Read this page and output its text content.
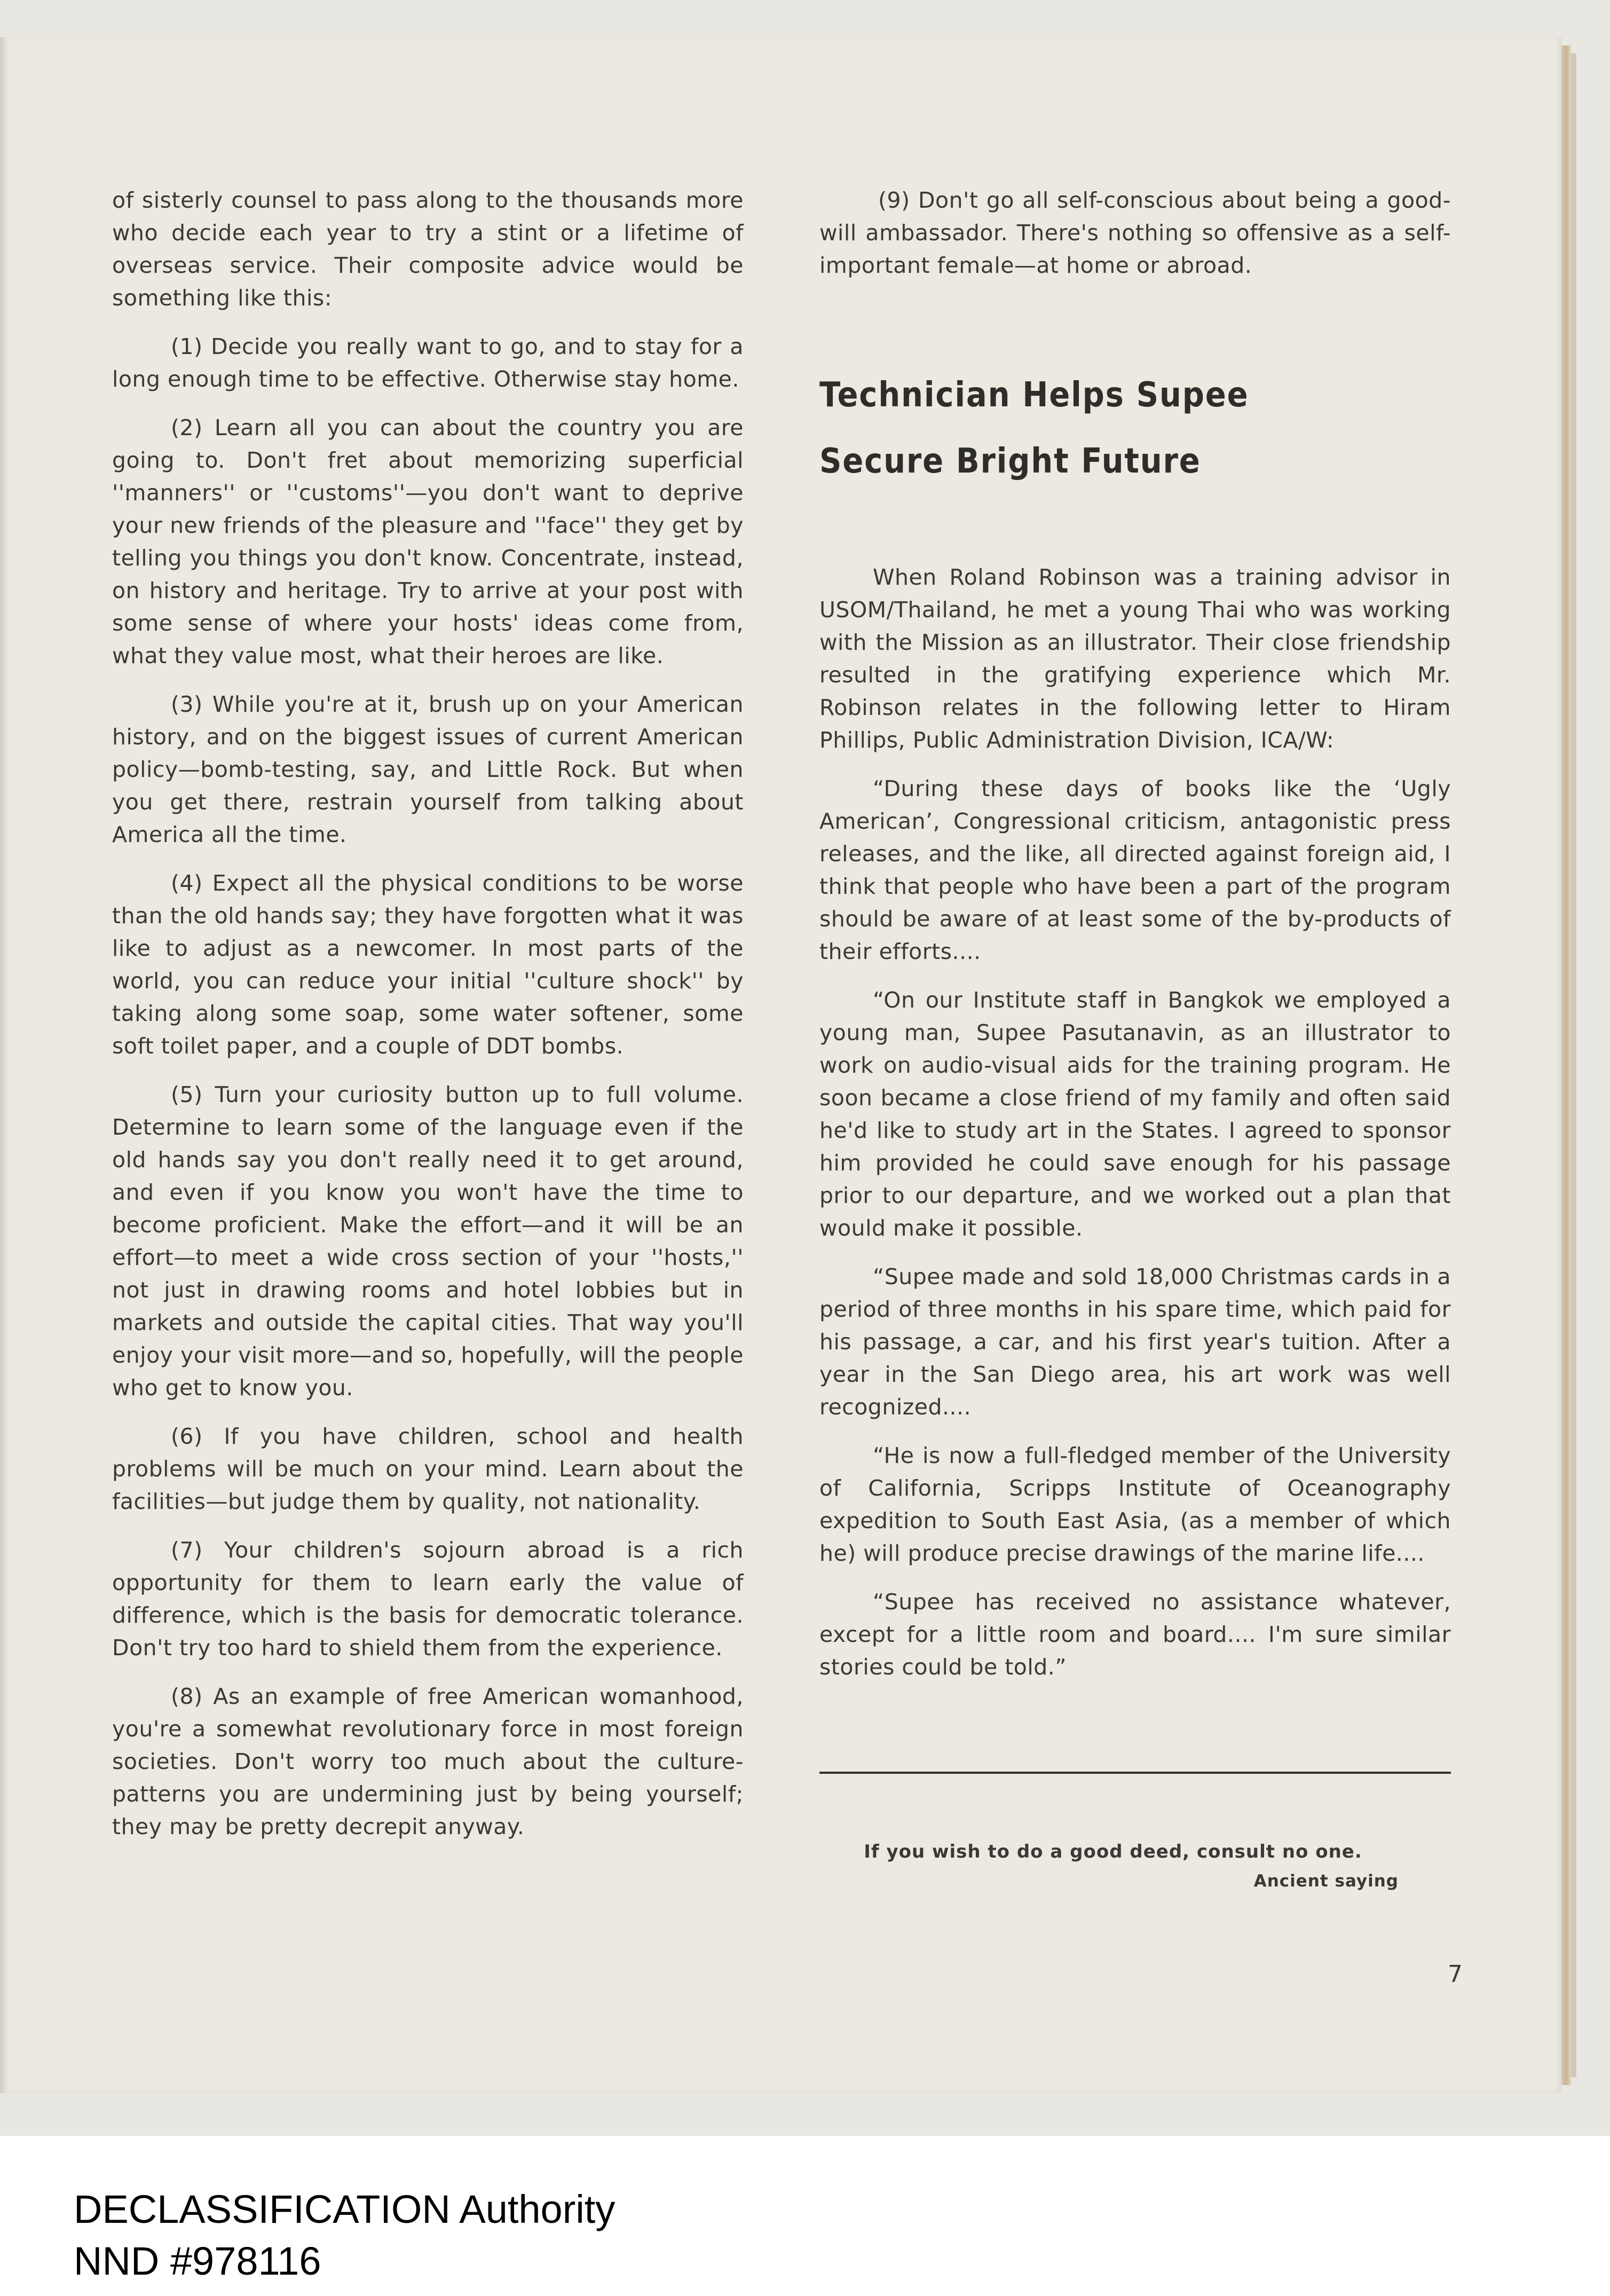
of sisterly counsel to pass along to the thousands more who decide each year to try a stint or a lifetime of overseas service. Their composite advice would be something like this:

(1) Decide you really want to go, and to stay for a long enough time to be effective. Otherwise stay home.

(2) Learn all you can about the country you are going to. Don't fret about memorizing superficial ''manners'' or ''customs''—you don't want to deprive your new friends of the pleasure and ''face'' they get by telling you things you don't know. Concentrate, instead, on history and heritage. Try to arrive at your post with some sense of where your hosts' ideas come from, what they value most, what their heroes are like.

(3) While you're at it, brush up on your American history, and on the biggest issues of current American policy—bomb-testing, say, and Little Rock. But when you get there, restrain yourself from talking about America all the time.

(4) Expect all the physical conditions to be worse than the old hands say; they have forgotten what it was like to adjust as a newcomer. In most parts of the world, you can reduce your initial ''culture shock'' by taking along some soap, some water softener, some soft toilet paper, and a couple of DDT bombs.

(5) Turn your curiosity button up to full volume. Determine to learn some of the language even if the old hands say you don't really need it to get around, and even if you know you won't have the time to become proficient. Make the effort—and it will be an effort—to meet a wide cross section of your ''hosts,'' not just in drawing rooms and hotel lobbies but in markets and outside the capital cities. That way you'll enjoy your visit more—and so, hopefully, will the people who get to know you.

(6) If you have children, school and health problems will be much on your mind. Learn about the facilities—but judge them by quality, not nationality.

(7) Your children's sojourn abroad is a rich opportunity for them to learn early the value of difference, which is the basis for democratic tolerance. Don't try too hard to shield them from the experience.

(8) As an example of free American womanhood, you're a somewhat revolutionary force in most foreign societies. Don't worry too much about the culture-patterns you are undermining just by being yourself; they may be pretty decrepit anyway.

(9) Don't go all self-conscious about being a good-will ambassador. There's nothing so offensive as a self-important female—at home or abroad.

Technician Helps Supee
Secure Bright Future

When Roland Robinson was a training advisor in USOM/Thailand, he met a young Thai who was working with the Mission as an illustrator. Their close friendship resulted in the gratifying experience which Mr. Robinson relates in the following letter to Hiram Phillips, Public Administration Division, ICA/W:

“During these days of books like the ‘Ugly American’, Congressional criticism, antagonistic press releases, and the like, all directed against foreign aid, I think that people who have been a part of the program should be aware of at least some of the by-products of their efforts....

“On our Institute staff in Bangkok we employed a young man, Supee Pasutanavin, as an illustrator to work on audio-visual aids for the training program. He soon became a close friend of my family and often said he'd like to study art in the States. I agreed to sponsor him provided he could save enough for his passage prior to our departure, and we worked out a plan that would make it possible.

“Supee made and sold 18,000 Christmas cards in a period of three months in his spare time, which paid for his passage, a car, and his first year's tuition. After a year in the San Diego area, his art work was well recognized....

“He is now a full-fledged member of the University of California, Scripps Institute of Oceanography expedition to South East Asia, (as a member of which he) will produce precise drawings of the marine life....

“Supee has received no assistance whatever, except for a little room and board.... I'm sure similar stories could be told.”

If you wish to do a good deed, consult no one.
Ancient saying
7
DECLASSIFICATION Authority
NND #978116
